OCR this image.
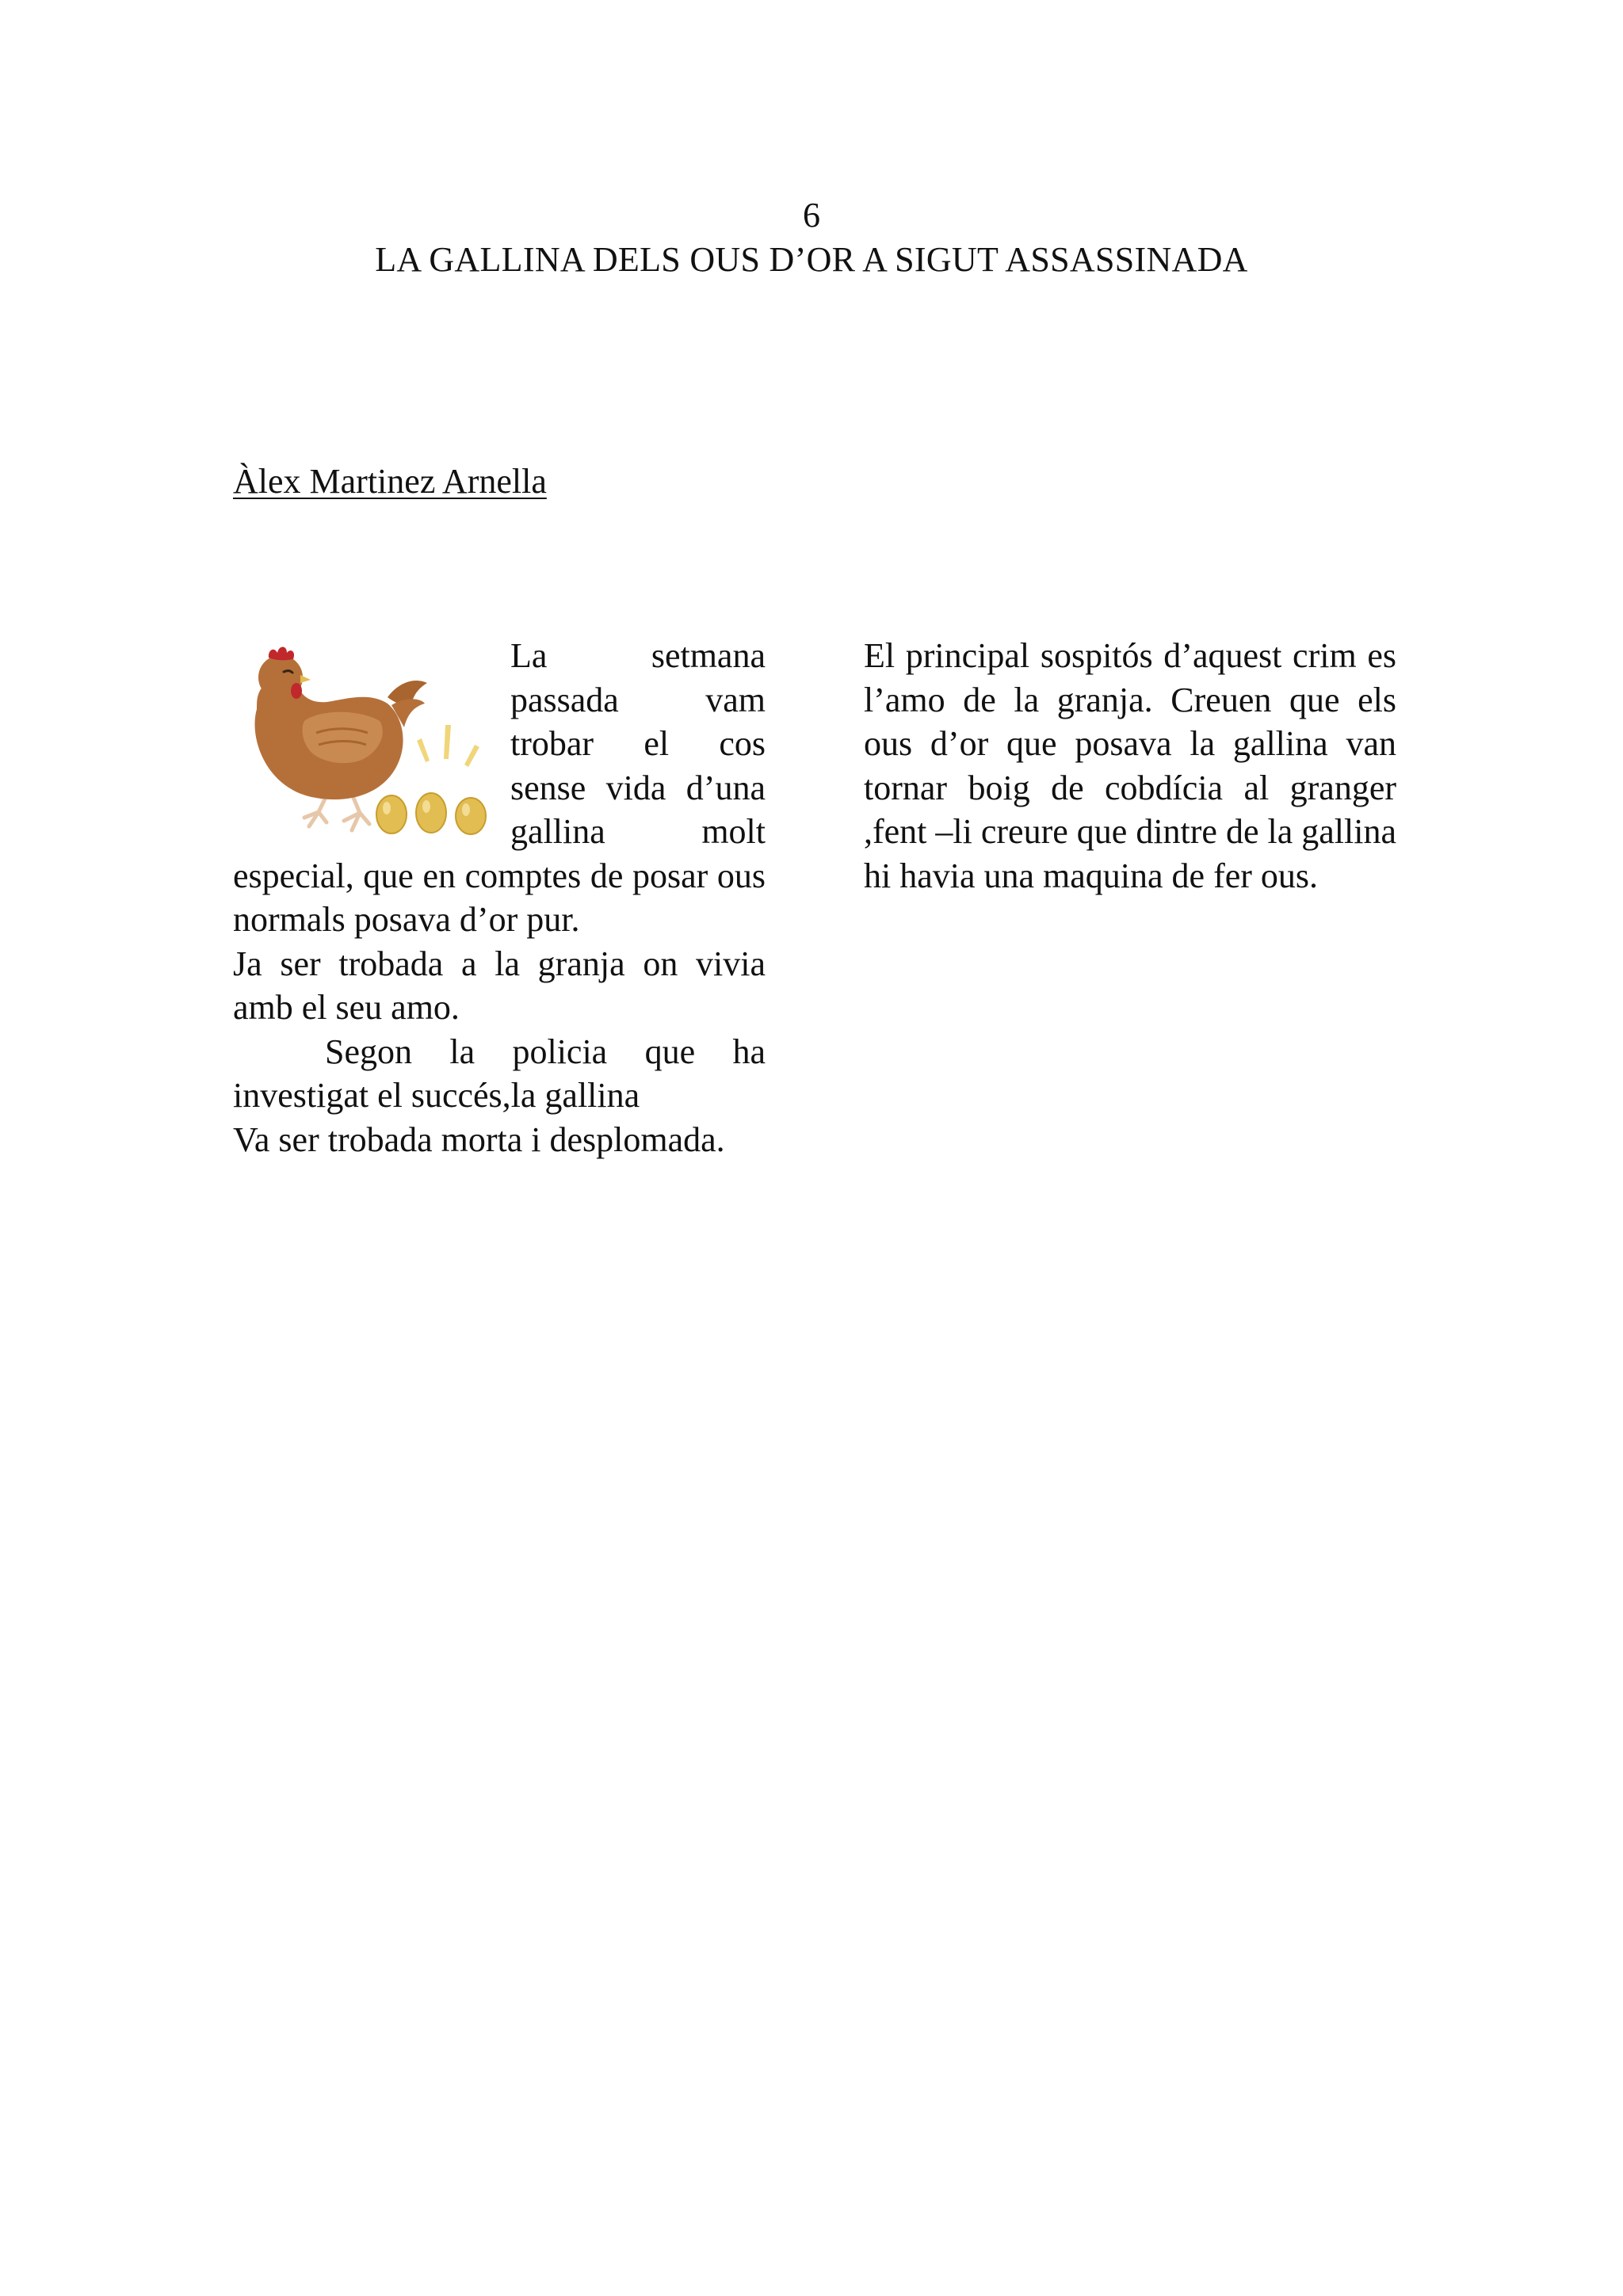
6
LA GALLINA DELS OUS D’OR A SIGUT ASSASSINADA
Àlex Martinez Arnella

La setmana passada vam trobar el cos sense vida d’una gallina molt especial, que en comptes de posar ous normals posava d’or pur.

Ja ser trobada a la granja on vivia amb el seu amo.

Segon la policia que ha investigat el succés,la gallina

Va ser trobada morta i desplomada.

El principal sospitós d’aquest crim es l’amo de la granja. Creuen que els ous d’or que posava la gallina van tornar boig de cobdícia al granger ,fent –li creure que dintre de la gallina hi havia una maquina de fer ous.
